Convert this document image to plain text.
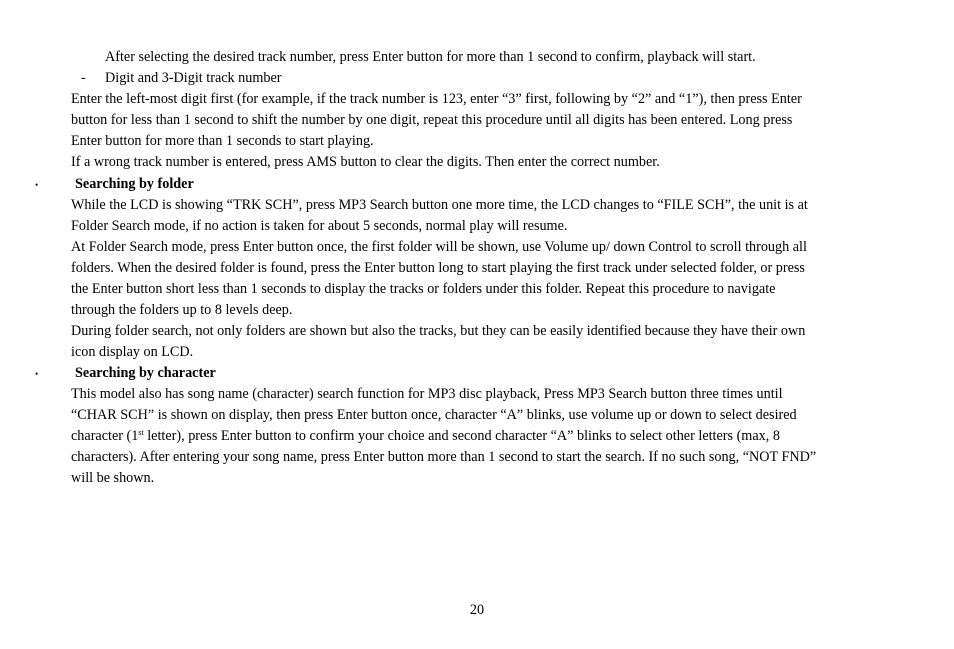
After selecting the desired track number, press Enter button for more than 1 second to confirm, playback will start.
- Digit and 3-Digit track number
Enter the left-most digit first (for example, if the track number is 123, enter “3” first, following by “2” and “1”), then press Enter
button for less than 1 second to shift the number by one digit, repeat this procedure until all digits has been entered. Long press
Enter button for more than 1 seconds to start playing.
If a wrong track number is entered, press AMS button to clear the digits. Then enter the correct number.
•	Searching by folder
While the LCD is showing “TRK SCH”, press MP3 Search button one more time, the LCD changes to “FILE SCH”, the unit is at
Folder Search mode, if no action is taken for about 5 seconds, normal play will resume.
At Folder Search mode, press Enter button once, the first folder will be shown, use Volume up/ down Control to scroll through all
folders. When the desired folder is found, press the Enter button long to start playing the first track under selected folder, or press
the Enter button short less than 1 seconds to display the tracks or folders under this folder. Repeat this procedure to navigate
through the folders up to 8 levels deep.
During folder search, not only folders are shown but also the tracks, but they can be easily identified because they have their own
icon display on LCD.
•	Searching by character
This model also has song name (character) search function for MP3 disc playback, Press MP3 Search button three times until
“CHAR SCH” is shown on display, then press Enter button once, character “A” blinks, use volume up or down to select desired
character (1st letter), press Enter button to confirm your choice and second character “A” blinks to select other letters (max, 8
characters). After entering your song name, press Enter button more than 1 second to start the search. If no such song, “NOT FND”
will be shown.
20
